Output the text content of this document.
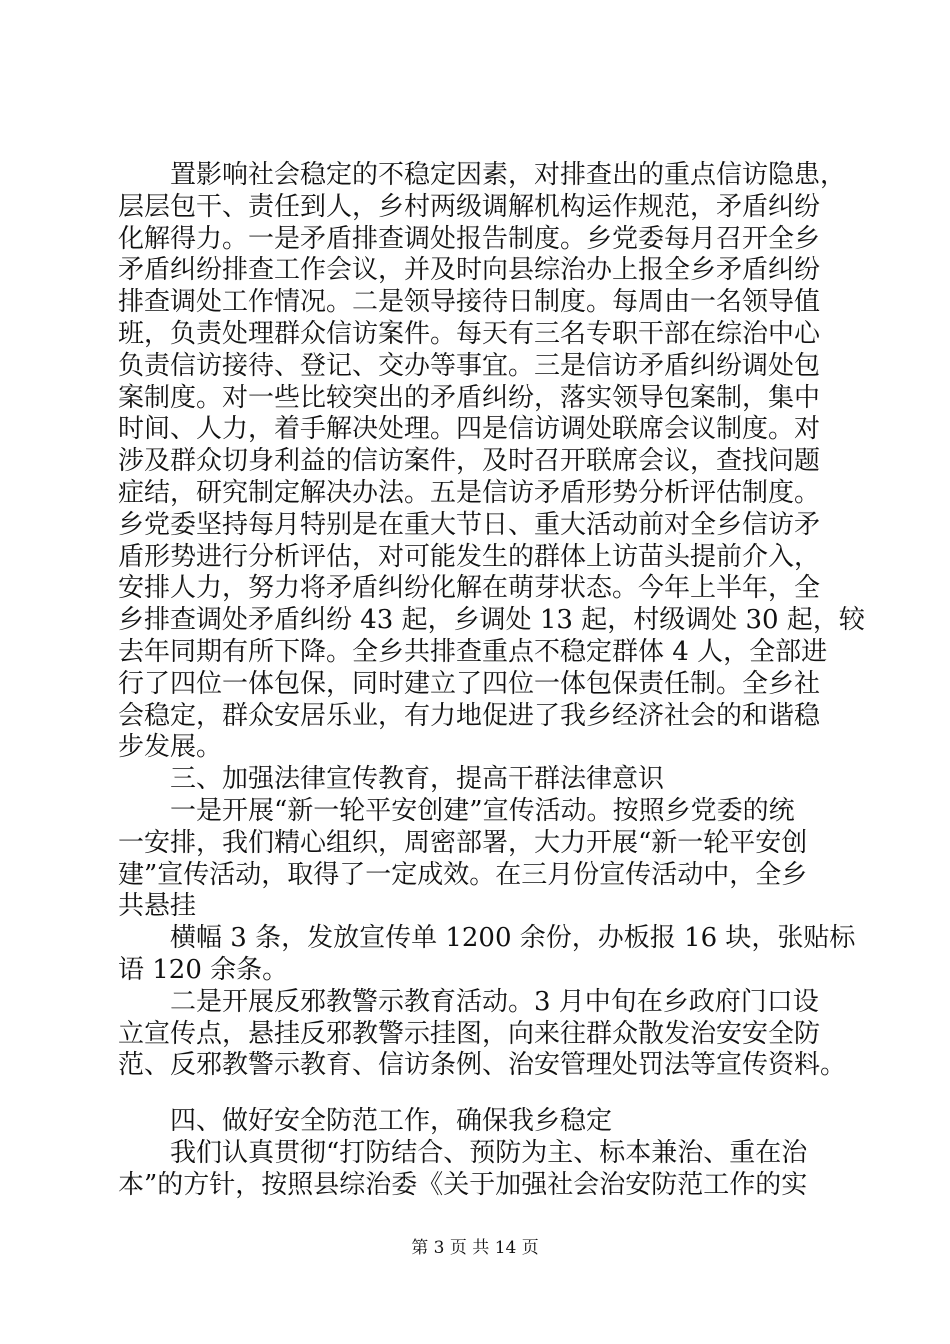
　　置影响社会稳定的不稳定因素，对排查出的重点信访隐患，
层层包干、责任到人，乡村两级调解机构运作规范，矛盾纠纷
化解得力。一是矛盾排查调处报告制度。乡党委每月召开全乡
矛盾纠纷排查工作会议，并及时向县综治办上报全乡矛盾纠纷
排查调处工作情况。二是领导接待日制度。每周由一名领导值
班，负责处理群众信访案件。每天有三名专职干部在综治中心
负责信访接待、登记、交办等事宜。三是信访矛盾纠纷调处包
案制度。对一些比较突出的矛盾纠纷，落实领导包案制，集中
时间、人力，着手解决处理。四是信访调处联席会议制度。对
涉及群众切身利益的信访案件，及时召开联席会议，查找问题
症结，研究制定解决办法。五是信访矛盾形势分析评估制度。
乡党委坚持每月特别是在重大节日、重大活动前对全乡信访矛
盾形势进行分析评估，对可能发生的群体上访苗头提前介入，
安排人力，努力将矛盾纠纷化解在萌芽状态。今年上半年，全
乡排查调处矛盾纠纷 43 起，乡调处 13 起，村级调处 30 起，较
去年同期有所下降。全乡共排查重点不稳定群体 4 人，全部进
行了四位一体包保，同时建立了四位一体包保责任制。全乡社
会稳定，群众安居乐业，有力地促进了我乡经济社会的和谐稳
步发展。
　　三、加强法律宣传教育，提高干群法律意识
　　一是开展“新一轮平安创建”宣传活动。按照乡党委的统
一安排，我们精心组织，周密部署，大力开展“新一轮平安创
建”宣传活动，取得了一定成效。在三月份宣传活动中，全乡
共悬挂
　　横幅 3 条，发放宣传单 1200 余份，办板报 16 块，张贴标
语 120 余条。
　　二是开展反邪教警示教育活动。3 月中旬在乡政府门口设
立宣传点，悬挂反邪教警示挂图，向来往群众散发治安安全防
范、反邪教警示教育、信访条例、治安管理处罚法等宣传资料。
　　四、做好安全防范工作，确保我乡稳定
　　我们认真贯彻“打防结合、预防为主、标本兼治、重在治
本”的方针，按照县综治委《关于加强社会治安防范工作的实
第 3 页 共 14 页
